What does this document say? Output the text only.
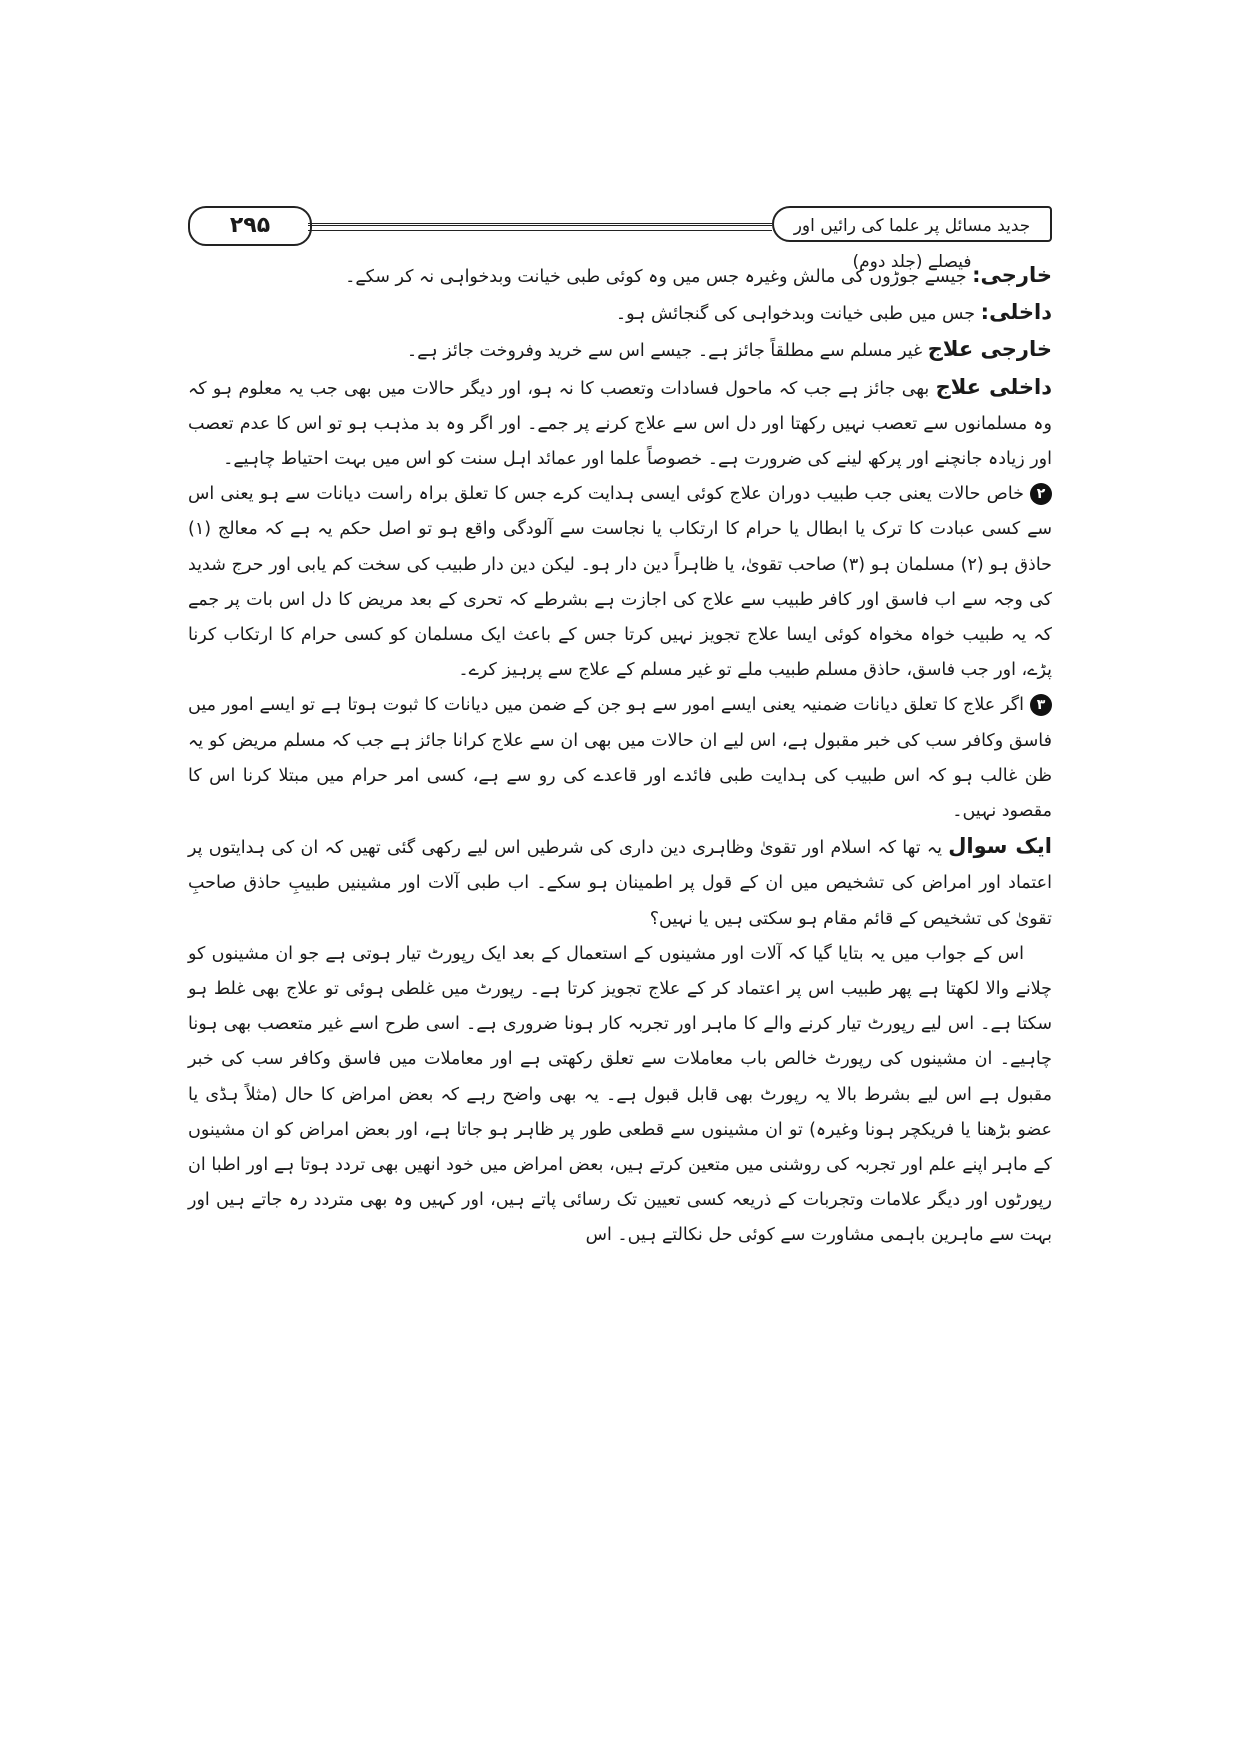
۲۹۵	جدید مسائل پر علما کی رائیں اور فیصلے (جلد دوم)

خارجی: جیسے جوڑوں کی مالش وغیرہ جس میں وہ کوئی طبی خیانت وبدخواہی نہ کر سکے۔

داخلی: جس میں طبی خیانت وبدخواہی کی گنجائش ہو۔

خارجی علاج غیر مسلم سے مطلقاً جائز ہے۔ جیسے اس سے خرید وفروخت جائز ہے۔

داخلی علاج بھی جائز ہے جب کہ ماحول فسادات وتعصب کا نہ ہو، اور دیگر حالات میں بھی جب یہ معلوم ہو کہ وہ مسلمانوں سے تعصب نہیں رکھتا اور دل اس سے علاج کرنے پر جمے۔ اور اگر وہ بد مذہب ہو تو اس کا عدم تعصب اور زیادہ جانچنے اور پرکھ لینے کی ضرورت ہے۔ خصوصاً علما اور عمائد اہل سنت کو اس میں بہت احتیاط چاہیے۔

۲خاص حالات یعنی جب طبیب دوران علاج کوئی ایسی ہدایت کرے جس کا تعلق براہ راست دیانات سے ہو یعنی اس سے کسی عبادت کا ترک یا ابطال یا حرام کا ارتکاب یا نجاست سے آلودگی واقع ہو تو اصل حکم یہ ہے کہ معالج (۱) حاذق ہو (۲) مسلمان ہو (۳) صاحب تقویٰ، یا ظاہراً دین دار ہو۔ لیکن دین دار طبیب کی سخت کم یابی اور حرج شدید کی وجہ سے اب فاسق اور کافر طبیب سے علاج کی اجازت ہے بشرطے کہ تحری کے بعد مریض کا دل اس بات پر جمے کہ یہ طبیب خواہ مخواہ کوئی ایسا علاج تجویز نہیں کرتا جس کے باعث ایک مسلمان کو کسی حرام کا ارتکاب کرنا پڑے، اور جب فاسق، حاذق مسلم طبیب ملے تو غیر مسلم کے علاج سے پرہیز کرے۔

۳اگر علاج کا تعلق دیانات ضمنیہ یعنی ایسے امور سے ہو جن کے ضمن میں دیانات کا ثبوت ہوتا ہے تو ایسے امور میں فاسق وکافر سب کی خبر مقبول ہے، اس لیے ان حالات میں بھی ان سے علاج کرانا جائز ہے جب کہ مسلم مریض کو یہ ظن غالب ہو کہ اس طبیب کی ہدایت طبی فائدے اور قاعدے کی رو سے ہے، کسی امر حرام میں مبتلا کرنا اس کا مقصود نہیں۔

ایک سوال یہ تھا کہ اسلام اور تقویٰ وظاہری دین داری کی شرطیں اس لیے رکھی گئی تھیں کہ ان کی ہدایتوں پر اعتماد اور امراض کی تشخیص میں ان کے قول پر اطمینان ہو سکے۔ اب طبی آلات اور مشینیں طبیبِ حاذق صاحبِ تقویٰ کی تشخیص کے قائم مقام ہو سکتی ہیں یا نہیں؟

اس کے جواب میں یہ بتایا گیا کہ آلات اور مشینوں کے استعمال کے بعد ایک رپورٹ تیار ہوتی ہے جو ان مشینوں کو چلانے والا لکھتا ہے پھر طبیب اس پر اعتماد کر کے علاج تجویز کرتا ہے۔ رپورٹ میں غلطی ہوئی تو علاج بھی غلط ہو سکتا ہے۔ اس لیے رپورٹ تیار کرنے والے کا ماہر اور تجربہ کار ہونا ضروری ہے۔ اسی طرح اسے غیر متعصب بھی ہونا چاہیے۔ ان مشینوں کی رپورٹ خالص باب معاملات سے تعلق رکھتی ہے اور معاملات میں فاسق وکافر سب کی خبر مقبول ہے اس لیے بشرط بالا یہ رپورٹ بھی قابل قبول ہے۔ یہ بھی واضح رہے کہ بعض امراض کا حال (مثلاً ہڈی یا عضو بڑھنا یا فریکچر ہونا وغیرہ) تو ان مشینوں سے قطعی طور پر ظاہر ہو جاتا ہے، اور بعض امراض کو ان مشینوں کے ماہر اپنے علم اور تجربہ کی روشنی میں متعین کرتے ہیں، بعض امراض میں خود انھیں بھی تردد ہوتا ہے اور اطبا ان رپورٹوں اور دیگر علامات وتجربات کے ذریعہ کسی تعیین تک رسائی پاتے ہیں، اور کہیں وہ بھی متردد رہ جاتے ہیں اور بہت سے ماہرین باہمی مشاورت سے کوئی حل نکالتے ہیں۔ اس
